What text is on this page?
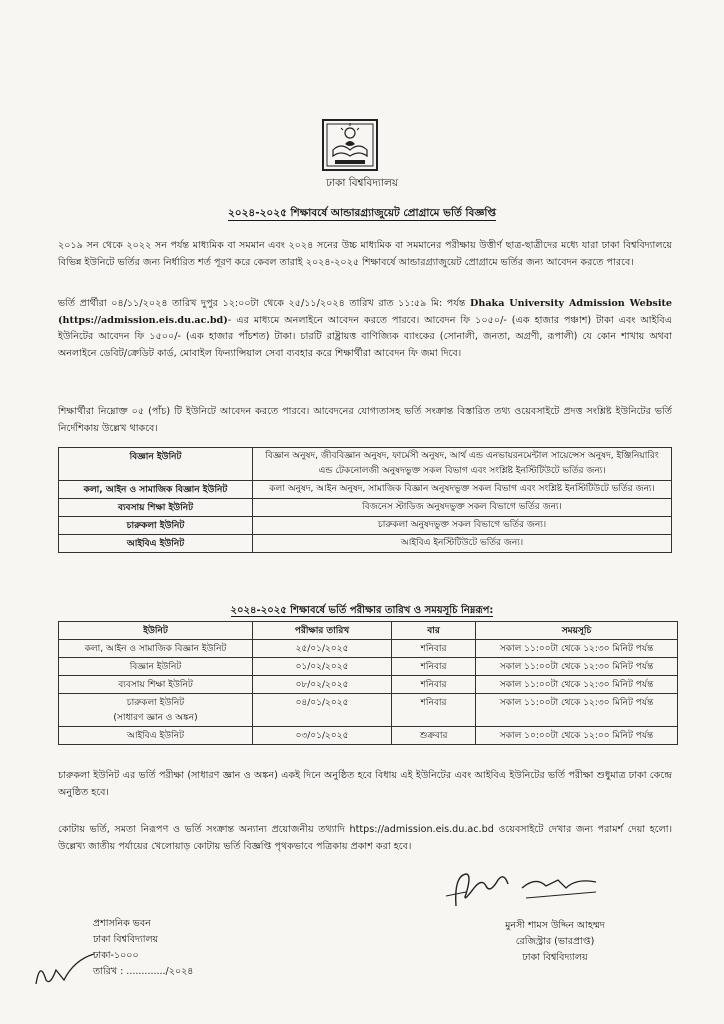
ঢাকা বিশ্ববিদ্যালয়
২০২৪-২০২৫ শিক্ষাবর্ষে আন্ডারগ্র্যাজুয়েট প্রোগ্রামে ভর্তি বিজ্ঞপ্তি
২০১৯ সন থেকে ২০২২ সন পর্যন্ত মাধ্যমিক বা সমমান এবং ২০২৪ সনের উচ্চ মাধ্যমিক বা সমমানের পরীক্ষায় উত্তীর্ণ ছাত্র-ছাত্রীদের মধ্যে যারা ঢাকা বিশ্ববিদ্যালয়ে বিভিন্ন ইউনিটে ভর্তির জন্য নির্ধারিত শর্ত পূরণ করে কেবল তারাই ২০২৪-২০২৫ শিক্ষাবর্ষে আন্ডারগ্র্যাজুয়েট প্রোগ্রামে ভর্তির জন্য আবেদন করতে পারবে।
ভর্তি প্রার্থীরা ০৪/১১/২০২৪ তারিখ দুপুর ১২:০০টা থেকে ২৫/১১/২০২৪ তারিখ রাত ১১:৫৯ মি: পর্যন্ত Dhaka University Admission Website (https://admission.eis.du.ac.bd)- এর মাধ্যমে অনলাইনে আবেদন করতে পারবে। আবেদন ফি ১০৫০/- (এক হাজার পঞ্চাশ) টাকা এবং আইবিএ ইউনিটের আবেদন ফি ১৫০০/- (এক হাজার পাঁচশত) টাকা। চারটি রাষ্ট্রায়ত্ত বাণিজ্যিক ব্যাংকের (সোনালী, জনতা, অগ্রণী, রূপালী) যে কোন শাখায় অথবা অনলাইনে ডেবিট/ক্রেডিট কার্ড, মোবাইল ফিন্যান্সিয়াল সেবা ব্যবহার করে শিক্ষার্থীরা আবেদন ফি জমা দিবে।
শিক্ষার্থীরা নিম্নোক্ত ০৫ (পাঁচ) টি ইউনিটে আবেদন করতে পারবে। আবেদনের যোগ্যতাসহ ভর্তি সংক্রান্ত বিস্তারিত তথ্য ওয়েবসাইটে প্রদত্ত সংশ্লিষ্ট ইউনিটের ভর্তি নির্দেশিকায় উল্লেখ থাকবে।
বিজ্ঞান ইউনিট	বিজ্ঞান অনুষদ, জীববিজ্ঞান অনুষদ, ফার্মেসী অনুষদ, আর্থ এন্ড এনভায়রনমেন্টাল সায়েন্সেস অনুষদ, ইঞ্জিনিয়ারিং এন্ড টেকনোলজী অনুষদভুক্ত সকল বিভাগ এবং সংশ্লিষ্ট ইনস্টিটিউটে ভর্তির জন্য।
কলা, আইন ও সামাজিক বিজ্ঞান ইউনিট	কলা অনুষদ, আইন অনুষদ, সামাজিক বিজ্ঞান অনুষদভুক্ত সকল বিভাগ এবং সংশ্লিষ্ট ইনস্টিটিউটে ভর্তির জন্য।
ব্যবসায় শিক্ষা ইউনিট	বিজনেস স্টাডিজ অনুষদভুক্ত সকল বিভাগে ভর্তির জন্য।
চারুকলা ইউনিট	চারুকলা অনুষদভুক্ত সকল বিভাগে ভর্তির জন্য।
আইবিএ ইউনিট	আইবিএ ইনস্টিটিউটে ভর্তির জন্য।
২০২৪-২০২৫ শিক্ষাবর্ষে ভর্তি পরীক্ষার তারিখ ও সময়সূচি নিম্নরূপ:
ইউনিট	পরীক্ষার তারিখ	বার	সময়সূচি

কলা, আইন ও সামাজিক বিজ্ঞান ইউনিট	২৫/০১/২০২৫	শনিবার	সকাল ১১:০০টা থেকে ১২:৩০ মিনিট পর্যন্ত

বিজ্ঞান ইউনিট	০১/০২/২০২৫	শনিবার	সকাল ১১:০০টা থেকে ১২:৩০ মিনিট পর্যন্ত

ব্যবসায় শিক্ষা ইউনিট	০৮/০২/২০২৫	শনিবার	সকাল ১১:০০টা থেকে ১২:৩০ মিনিট পর্যন্ত

চারুকলা ইউনিট
(সাধারণ জ্ঞান ও অঙ্কন)	০৪/০১/২০২৫	শনিবার	সকাল ১১:০০টা থেকে ১২:৩০ মিনিট পর্যন্ত

আইবিএ ইউনিট	০৩/০১/২০২৫	শুক্রবার	সকাল ১০:০০টা থেকে ১২:০০ মিনিট পর্যন্ত
চারুকলা ইউনিট এর ভর্তি পরীক্ষা (সাধারণ জ্ঞান ও অঙ্কন) একই দিনে অনুষ্ঠিত হবে বিধায় এই ইউনিটের এবং আইবিএ ইউনিটের ভর্তি পরীক্ষা শুধুমাত্র ঢাকা কেন্দ্রে অনুষ্ঠিত হবে।
কোটায় ভর্তি, সমতা নিরূপণ ও ভর্তি সংক্রান্ত অন্যান্য প্রয়োজনীয় তথ্যাদি https://admission.eis.du.ac.bd ওয়েবসাইটে দেখার জন্য পরামর্শ দেয়া হলো। উল্লেখ্য জাতীয় পর্যায়ের খেলোয়াড় কোটায় ভর্তি বিজ্ঞপ্তি পৃথকভাবে পত্রিকায় প্রকাশ করা হবে।
মুনসী শামস উদ্দিন আহম্মদ
রেজিস্ট্রার (ভারপ্রাপ্ত)
ঢাকা বিশ্ববিদ্যালয়
প্রশাসনিক ভবন
ঢাকা বিশ্ববিদ্যালয়
ঢাকা-১০০০
তারিখ : ............./২০২৪
